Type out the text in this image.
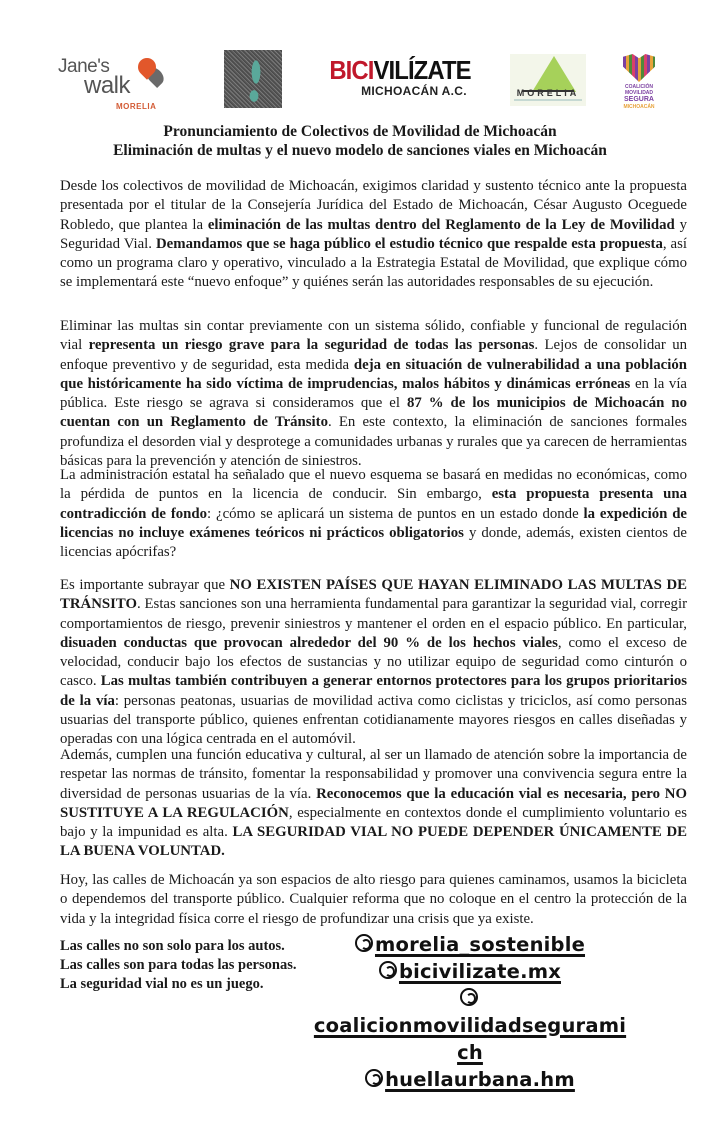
Jane's
walk
MORELIA
BICIVILÍZATE
MICHOACÁN A.C.	MORELIA
COALICIÓN
MOVILIDAD
SEGURA
MICHOACÁN
Pronunciamiento de Colectivos de Movilidad de Michoacán
Eliminación de multas y el nuevo modelo de sanciones viales en Michoacán
Desde los colectivos de movilidad de Michoacán, exigimos claridad y sustento técnico ante la propuesta presentada por el titular de la Consejería Jurídica del Estado de Michoacán, César Augusto Oceguede Robledo, que plantea la eliminación de las multas dentro del Reglamento de la Ley de Movilidad y Seguridad Vial. Demandamos que se haga público el estudio técnico que respalde esta propuesta, así como un programa claro y operativo, vinculado a la Estrategia Estatal de Movilidad, que explique cómo se implementará este “nuevo enfoque” y quiénes serán las autoridades responsables de su ejecución.
Eliminar las multas sin contar previamente con un sistema sólido, confiable y funcional de regulación vial representa un riesgo grave para la seguridad de todas las personas. Lejos de consolidar un enfoque preventivo y de seguridad, esta medida deja en situación de vulnerabilidad a una población que históricamente ha sido víctima de imprudencias, malos hábitos y dinámicas erróneas en la vía pública. Este riesgo se agrava si consideramos que el 87 % de los municipios de Michoacán no cuentan con un Reglamento de Tránsito. En este contexto, la eliminación de sanciones formales profundiza el desorden vial y desprotege a comunidades urbanas y rurales que ya carecen de herramientas básicas para la prevención y atención de siniestros.
La administración estatal ha señalado que el nuevo esquema se basará en medidas no económicas, como la pérdida de puntos en la licencia de conducir. Sin embargo, esta propuesta presenta una contradicción de fondo: ¿cómo se aplicará un sistema de puntos en un estado donde la expedición de licencias no incluye exámenes teóricos ni prácticos obligatorios y donde, además, existen cientos de licencias apócrifas?
Es importante subrayar que NO EXISTEN PAÍSES QUE HAYAN ELIMINADO LAS MULTAS DE TRÁNSITO. Estas sanciones son una herramienta fundamental para garantizar la seguridad vial, corregir comportamientos de riesgo, prevenir siniestros y mantener el orden en el espacio público. En particular, disuaden conductas que provocan alrededor del 90 % de los hechos viales, como el exceso de velocidad, conducir bajo los efectos de sustancias y no utilizar equipo de seguridad como cinturón o casco. Las multas también contribuyen a generar entornos protectores para los grupos prioritarios de la vía: personas peatonas, usuarias de movilidad activa como ciclistas y triciclos, así como personas usuarias del transporte público, quienes enfrentan cotidianamente mayores riesgos en calles diseñadas y operadas con una lógica centrada en el automóvil.
Además, cumplen una función educativa y cultural, al ser un llamado de atención sobre la importancia de respetar las normas de tránsito, fomentar la responsabilidad y promover una convivencia segura entre la diversidad de personas usuarias de la vía. Reconocemos que la educación vial es necesaria, pero NO SUSTITUYE A LA REGULACIÓN, especialmente en contextos donde el cumplimiento voluntario es bajo y la impunidad es alta. LA SEGURIDAD VIAL NO PUEDE DEPENDER ÚNICAMENTE DE LA BUENA VOLUNTAD.
Hoy, las calles de Michoacán ya son espacios de alto riesgo para quienes caminamos, usamos la bicicleta o dependemos del transporte público. Cualquier reforma que no coloque en el centro la protección de la vida y la integridad física corre el riesgo de profundizar una crisis que ya existe.
Las calles no son solo para los autos.
Las calles son para todas las personas.
La seguridad vial no es un juego.
morelia_sostenible
bicivilizate.mx
coalicionmovilidadsegurami
ch
huellaurbana.hm
